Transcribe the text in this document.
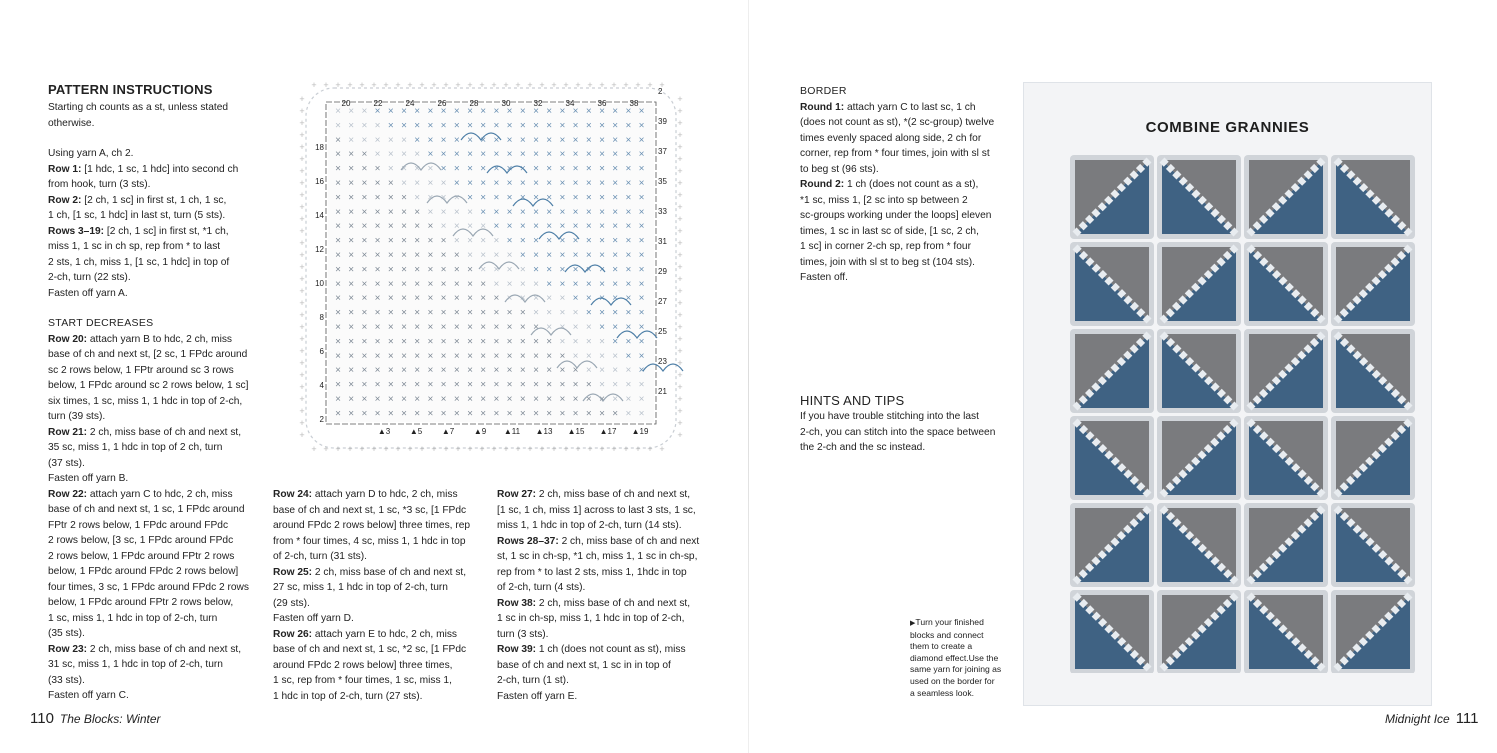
PATTERN INSTRUCTIONS

Starting ch counts as a st, unless stated

otherwise.

Using yarn A, ch 2.

Row 1: [1 hdc, 1 sc, 1 hdc] into second ch

from hook, turn (3 sts).

Row 2: [2 ch, 1 sc] in first st, 1 ch, 1 sc,

1 ch, [1 sc, 1 hdc] in last st, turn (5 sts).

Rows 3–19: [2 ch, 1 sc] in first st, *1 ch,

miss 1, 1 sc in ch sp, rep from * to last

2 sts, 1 ch, miss 1, [1 sc, 1 hdc] in top of

2-ch, turn (22 sts).

Fasten off yarn A.

START DECREASES

Row 20: attach yarn B to hdc, 2 ch, miss

base of ch and next st, [2 sc, 1 FPdc around

sc 2 rows below, 1 FPtr around sc 3 rows

below, 1 FPdc around sc 2 rows below, 1 sc]

six times, 1 sc, miss 1, 1 hdc in top of 2-ch,

turn (39 sts).

Row 21: 2 ch, miss base of ch and next st,

35 sc, miss 1, 1 hdc in top of 2 ch, turn

(37 sts).

Fasten off yarn B.

Row 22: attach yarn C to hdc, 2 ch, miss

base of ch and next st, 1 sc, 1 FPdc around

FPtr 2 rows below, 1 FPdc around FPdc

2 rows below, [3 sc, 1 FPdc around FPdc

2 rows below, 1 FPdc around FPtr 2 rows

below, 1 FPdc around FPdc 2 rows below]

four times, 3 sc, 1 FPdc around FPdc 2 rows

below, 1 FPdc around FPtr 2 rows below,

1 sc, miss 1, 1 hdc in top of 2-ch, turn

(35 sts).

Row 23: 2 ch, miss base of ch and next st,

31 sc, miss 1, 1 hdc in top of 2-ch, turn

(33 sts).

Fasten off yarn C.

Row 24: attach yarn D to hdc, 2 ch, miss

base of ch and next st, 1 sc, *3 sc, [1 FPdc

around FPdc 2 rows below] three times, rep

from * four times, 4 sc, miss 1, 1 hdc in top

of 2-ch, turn (31 sts).

Row 25: 2 ch, miss base of ch and next st,

27 sc, miss 1, 1 hdc in top of 2-ch, turn

(29 sts).

Fasten off yarn D.

Row 26: attach yarn E to hdc, 2 ch, miss

base of ch and next st, 1 sc, *2 sc, [1 FPdc

around FPdc 2 rows below] three times,

1 sc, rep from * four times, 1 sc, miss 1,

1 hdc in top of 2-ch, turn (27 sts).

Row 27: 2 ch, miss base of ch and next st,

[1 sc, 1 ch, miss 1] across to last 3 sts, 1 sc,

miss 1, 1 hdc in top of 2-ch, turn (14 sts).

Rows 28–37: 2 ch, miss base of ch and next

st, 1 sc in ch-sp, *1 ch, miss 1, 1 sc in ch-sp,

rep from * to last 2 sts, miss 1, 1hdc in top

of 2-ch, turn (4 sts).

Row 38: 2 ch, miss base of ch and next st,

1 sc in ch-sp, miss 1, 1 hdc in top of 2-ch,

turn (3 sts).

Row 39: 1 ch (does not count as st), miss

base of ch and next st, 1 sc in in top of

2-ch, turn (1 st).

Fasten off yarn E.

+
+
+
+
+
+
+
+
+
+
+
+
+
+
+
+
+
+
+
+
+
+
+
+
+
+
+
+
+
+
+
+
+
+
+
+
+
+
+
+
+
+
+
+
+
+
+
+
+
+
+
+
+
+
+
+
+
+
+
+
+	+
+	+
+	+
+	+
+	+
+	+
+	+
+	+
+	+
+	+
+	+
+	+
+	+
+	+
+	+
+	+
+	+
+	+
+	+
+	+
+	+
+	+
+	+
+	+
+	+
+	+
+	+
+	+
+	+
× × × × × × × × × × × × × × × × × × × × × × × ×
× × × × × × × × × × × × × × × × × × × × × × × ×
× × × × × × × × × × × × × × × × × × × × × × × ×
× × × × × × × × × × × × × × × × × × × × × × × ×
× × × × × × × × × × × × × × × × × × × × × × × ×
× × × × × × × × × × × × × × × × × × × × × × × ×
× × × × × × × × × × × × × × × × × × × × × × × ×
× × × × × × × × × × × × × × × × × × × × × × × ×
× × × × × × × × × × × × × × × × × × × × × × × ×
× × × × × × × × × × × × × × × × × × × × × × × ×
× × × × × × × × × × × × × × × × × × × × × × × ×
× × × × × × × × × × × × × × × × × × × × × × × ×
× × × × × × × × × × × × × × × × × × × × × × × ×
× × × × × × × × × × × × × × × × × × × × × × × ×
× × × × × × × × × × × × × × × × × × × × × × × ×
× × × × × × × × × × × × × × × × × × × × × × × ×
× × × × × × × × × × × × × × × × × × × × × × × ×
× × × × × × × × × × × × × × × × × × × × × × × ×
× × × × × × × × × × × × × × × × × × × × × × × ×
× × × × × × × × × × × × × × × × × × × × × × × ×
× × × × × × × × × × × × × × × × × × × × × × × ×
× × × × × × × × × × × × × × × × × × × × × × × ×
20	22	24	26	28	30	32	34	36	38
▲3 ▲5 ▲7 ▲9 ▲11 ▲13 ▲15 ▲17 ▲19
18
16
14
12
10
8
6
4
2
2
39
37
35
33
31
29
27
25
23
21
110 The Blocks: Winter
BORDER

Round 1: attach yarn C to last sc, 1 ch

(does not count as st), *(2 sc-group) twelve

times evenly spaced along side, 2 ch for

corner, rep from * four times, join with sl st

to beg st (96 sts).

Round 2: 1 ch (does not count as a st),

*1 sc, miss 1, [2 sc into sp between 2

sc-groups working under the loops] eleven

times, 1 sc in last sc of side, [1 sc, 2 ch,

1 sc] in corner 2-ch sp, rep from * four

times, join with sl st to beg st (104 sts).

Fasten off.

HINTS AND TIPS

If you have trouble stitching into the last

2-ch, you can stitch into the space between

the 2-ch and the sc instead.

COMBINE GRANNIES
▶Turn your finished
blocks and connect
them to create a
diamond effect.Use the
same yarn for joining as
used on the border for
a seamless look.
Midnight Ice 111
